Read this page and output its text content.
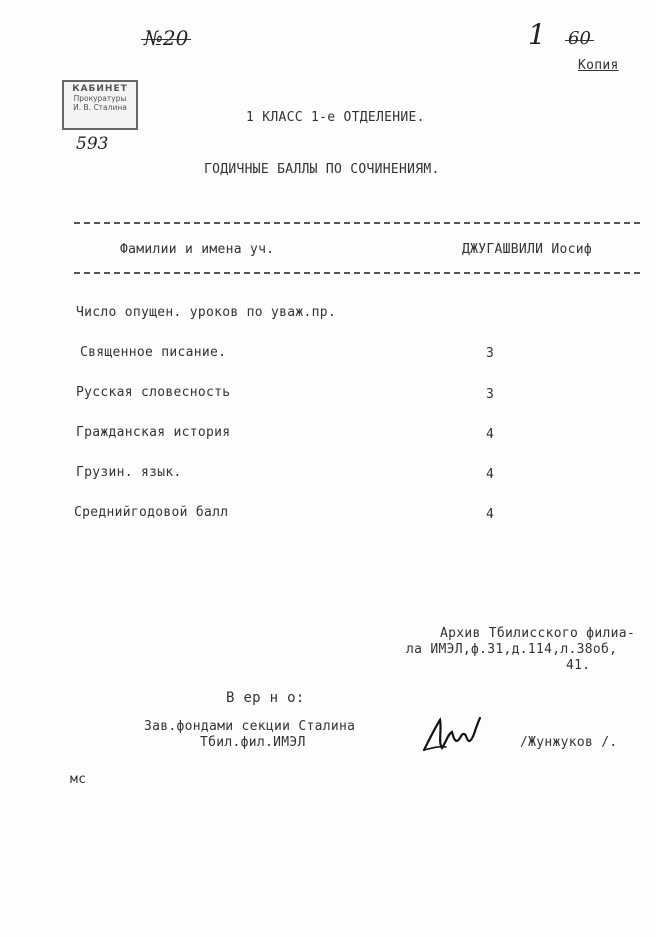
№20	1 60
Копия
КАБИНЕТ
Прокуратуры
И. В. Сталина
593
1 КЛАСС 1-е ОТДЕЛЕНИЕ.
ГОДИЧНЫЕ БАЛЛЫ ПО СОЧИНЕНИЯМ.
Фамилии и имена уч.	ДЖУГАШВИЛИ Иосиф
Число опущен. уроков по уваж.пр.
Священное писание.	3
Русская словесность	3
Гражданская история	4
Грузин. язык.	4
Среднийгодовой балл	4
Архив Тбилисского филиа-
ла ИМЭЛ,ф.31,д.114,л.38об,
41.
В ер н о:
Зав.фондами секции Сталина
Тбил.фил.ИМЭЛ	/Жунжуков /.
мс
